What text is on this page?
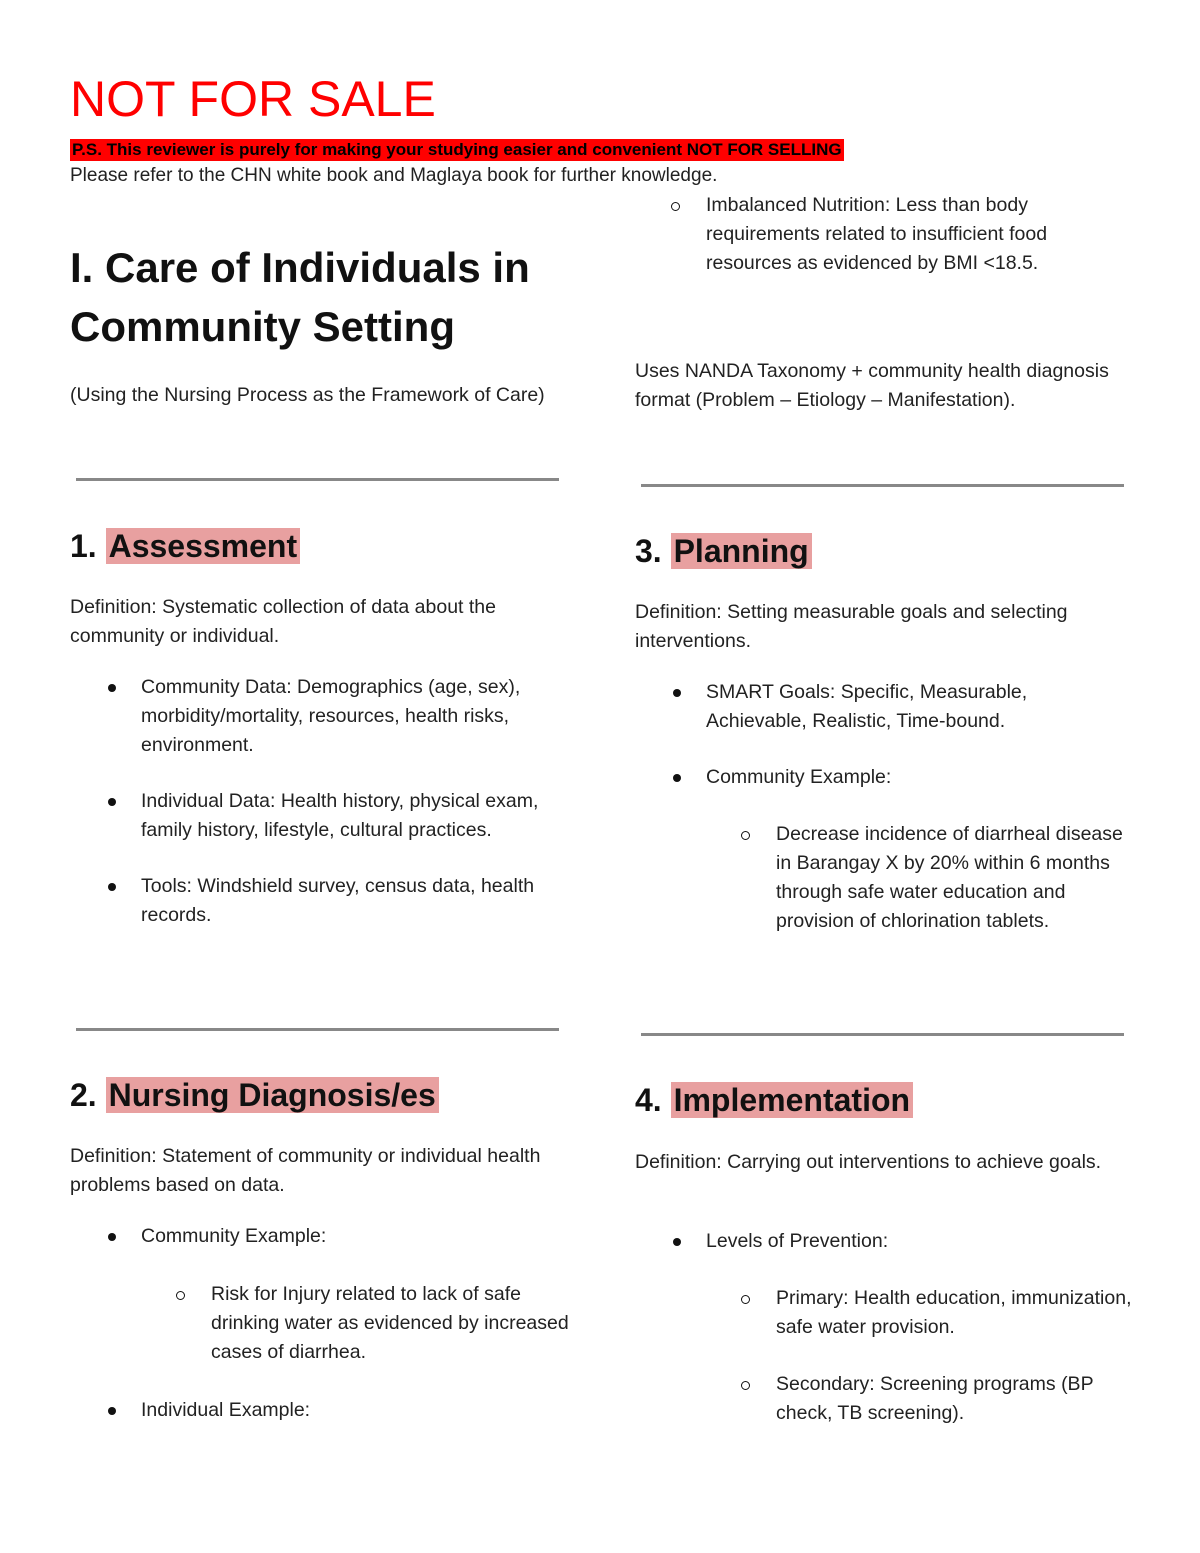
NOT FOR SALE
P.S. This reviewer is purely for making your studying easier and convenient NOT FOR SELLING
Please refer to the CHN white book and Maglaya book for further knowledge.
I. Care of Individuals in Community Setting

(Using the Nursing Process as the Framework of Care)

1. Assessment

Definition: Systematic collection of data about the community or individual.

Community Data: Demographics (age, sex), morbidity/mortality, resources, health risks, environment.
Individual Data: Health history, physical exam, family history, lifestyle, cultural practices.
Tools: Windshield survey, census data, health records.
2. Nursing Diagnosis/es

Definition: Statement of community or individual health problems based on data.

Community Example:
Risk for Injury related to lack of safe drinking water as evidenced by increased cases of diarrhea.
Individual Example:
Imbalanced Nutrition: Less than body requirements related to insufficient food resources as evidenced by BMI <18.5.

Uses NANDA Taxonomy + community health diagnosis format (Problem – Etiology – Manifestation).

3. Planning

Definition: Setting measurable goals and selecting interventions.

SMART Goals: Specific, Measurable, Achievable, Realistic, Time-bound.
Community Example:
Decrease incidence of diarrheal disease in Barangay X by 20% within 6 months through safe water education and provision of chlorination tablets.
4. Implementation

Definition: Carrying out interventions to achieve goals.

Levels of Prevention:
Primary: Health education, immunization, safe water provision.
Secondary: Screening programs (BP check, TB screening).
